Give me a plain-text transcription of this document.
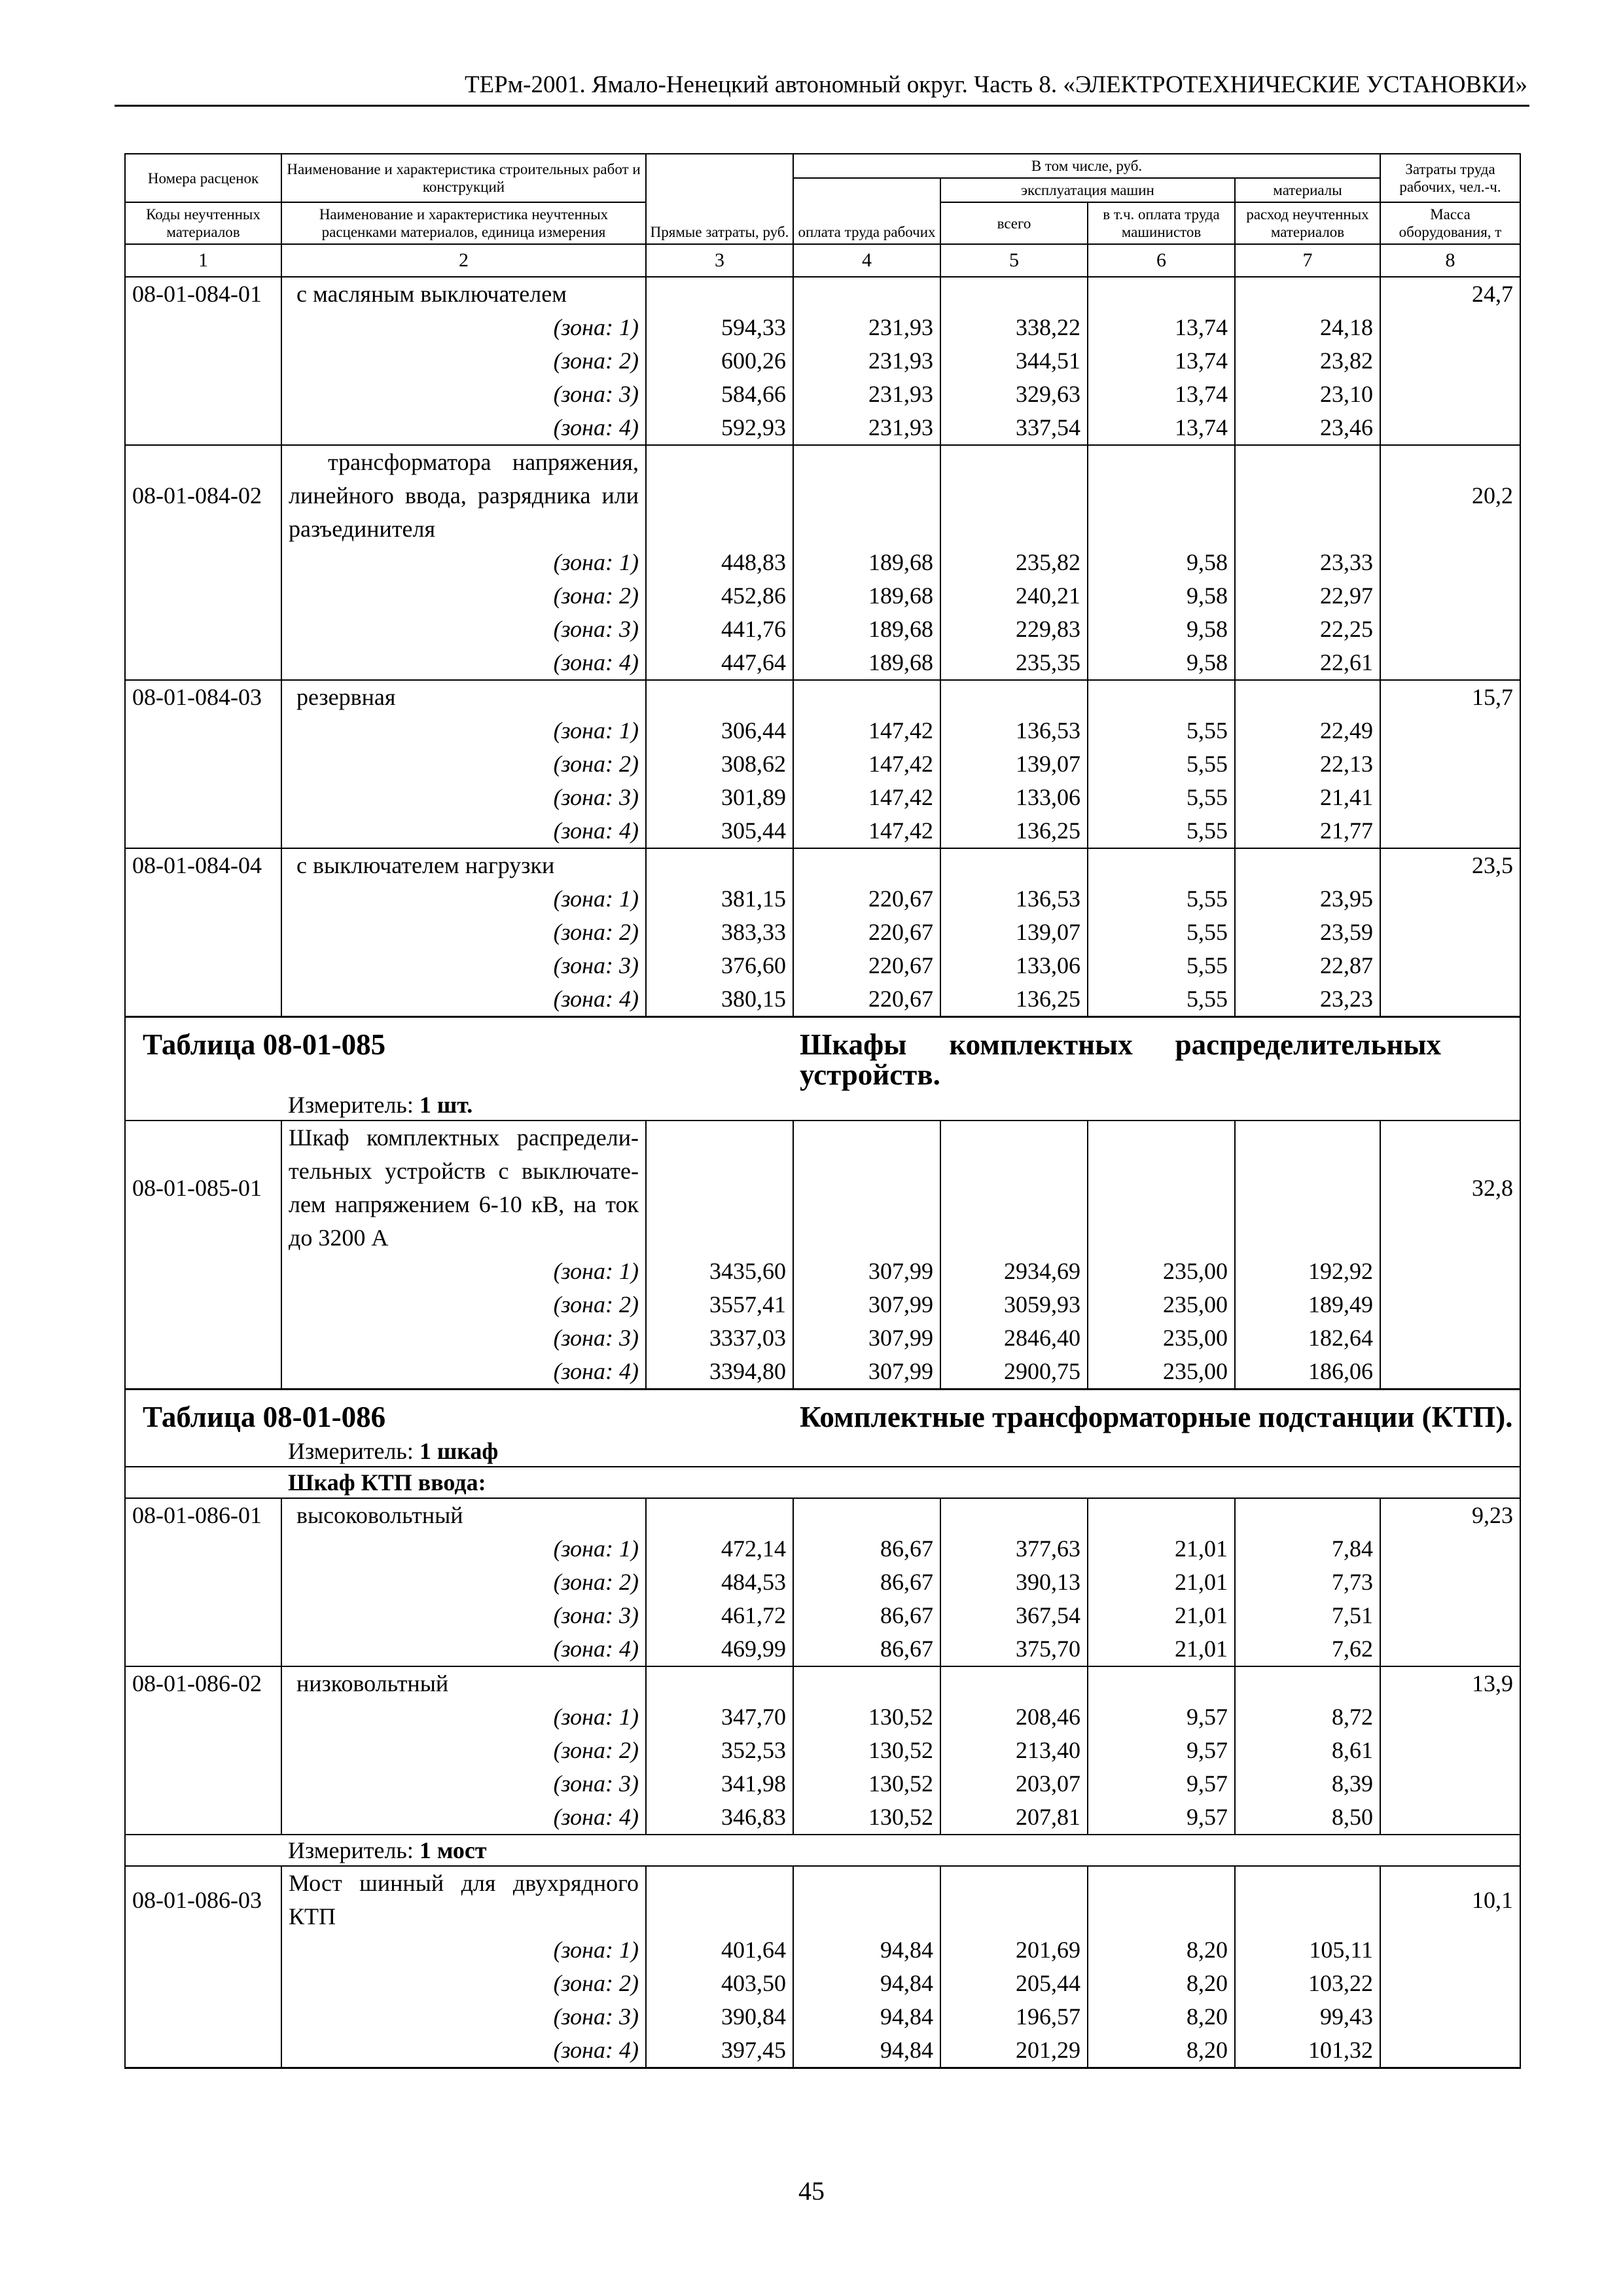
ТЕРм-2001. Ямало-Ненецкий автономный округ. Часть 8. «ЭЛЕКТРОТЕХНИЧЕСКИЕ УСТАНОВКИ»
Номера расценок	Наименование и характеристика строительных работ и конструкций	Прямые затраты, руб.	В том числе, руб.				Затраты труда рабочих, чел.-ч.
			оплата труда рабочих	эксплуатация машин		материалы	
Коды неучтенных материалов	Наименование и характеристика неучтенных расценками материалов, единица измерения			всего	в т.ч. оплата труда машинистов	расход неучтенных материалов	Масса оборудования, т
1	2	3	4	5	6	7	8
08-01-084-01	с масляным выключателем						24,7
	(зона: 1)	594,33	231,93	338,22	13,74	24,18	
	(зона: 2)	600,26	231,93	344,51	13,74	23,82	
	(зона: 3)	584,66	231,93	329,63	13,74	23,10	
	(зона: 4)	592,93	231,93	337,54	13,74	23,46	
08-01-084-02	трансформатора напряжения, линейного ввода, разрядника или разъединителя						20,2
	(зона: 1)	448,83	189,68	235,82	9,58	23,33	
	(зона: 2)	452,86	189,68	240,21	9,58	22,97	
	(зона: 3)	441,76	189,68	229,83	9,58	22,25	
	(зона: 4)	447,64	189,68	235,35	9,58	22,61	
08-01-084-03	резервная						15,7
	(зона: 1)	306,44	147,42	136,53	5,55	22,49	
	(зона: 2)	308,62	147,42	139,07	5,55	22,13	
	(зона: 3)	301,89	147,42	133,06	5,55	21,41	
	(зона: 4)	305,44	147,42	136,25	5,55	21,77	
08-01-084-04	с выключателем нагрузки						23,5
	(зона: 1)	381,15	220,67	136,53	5,55	23,95	
	(зона: 2)	383,33	220,67	139,07	5,55	23,59	
	(зона: 3)	376,60	220,67	133,06	5,55	22,87	
	(зона: 4)	380,15	220,67	136,25	5,55	23,23	
Таблица 08-01-085				Шкафы комплектных распределительных устройств.			

	Измеритель: 1 шт.						
08-01-085-01	Шкаф комплектных распредели-тельных устройств с выключате-лем напряжением 6-10 кВ, на ток до 3200 А						32,8
	(зона: 1)	3435,60	307,99	2934,69	235,00	192,92	
	(зона: 2)	3557,41	307,99	3059,93	235,00	189,49	
	(зона: 3)	3337,03	307,99	2846,40	235,00	182,64	
	(зона: 4)	3394,80	307,99	2900,75	235,00	186,06	
Таблица 08-01-086				Комплектные трансформаторные подстанции (КТП).			

	Измеритель: 1 шкаф						
	Шкаф КТП ввода:						
08-01-086-01	высоковольтный						9,23
	(зона: 1)	472,14	86,67	377,63	21,01	7,84	
	(зона: 2)	484,53	86,67	390,13	21,01	7,73	
	(зона: 3)	461,72	86,67	367,54	21,01	7,51	
	(зона: 4)	469,99	86,67	375,70	21,01	7,62	
08-01-086-02	низковольтный						13,9
	(зона: 1)	347,70	130,52	208,46	9,57	8,72	
	(зона: 2)	352,53	130,52	213,40	9,57	8,61	
	(зона: 3)	341,98	130,52	203,07	9,57	8,39	
	(зона: 4)	346,83	130,52	207,81	9,57	8,50	
	Измеритель: 1 мост						
08-01-086-03	Мост шинный для двухрядного КТП						10,1
	(зона: 1)	401,64	94,84	201,69	8,20	105,11	
	(зона: 2)	403,50	94,84	205,44	8,20	103,22	
	(зона: 3)	390,84	94,84	196,57	8,20	99,43	
	(зона: 4)	397,45	94,84	201,29	8,20	101,32	
45
